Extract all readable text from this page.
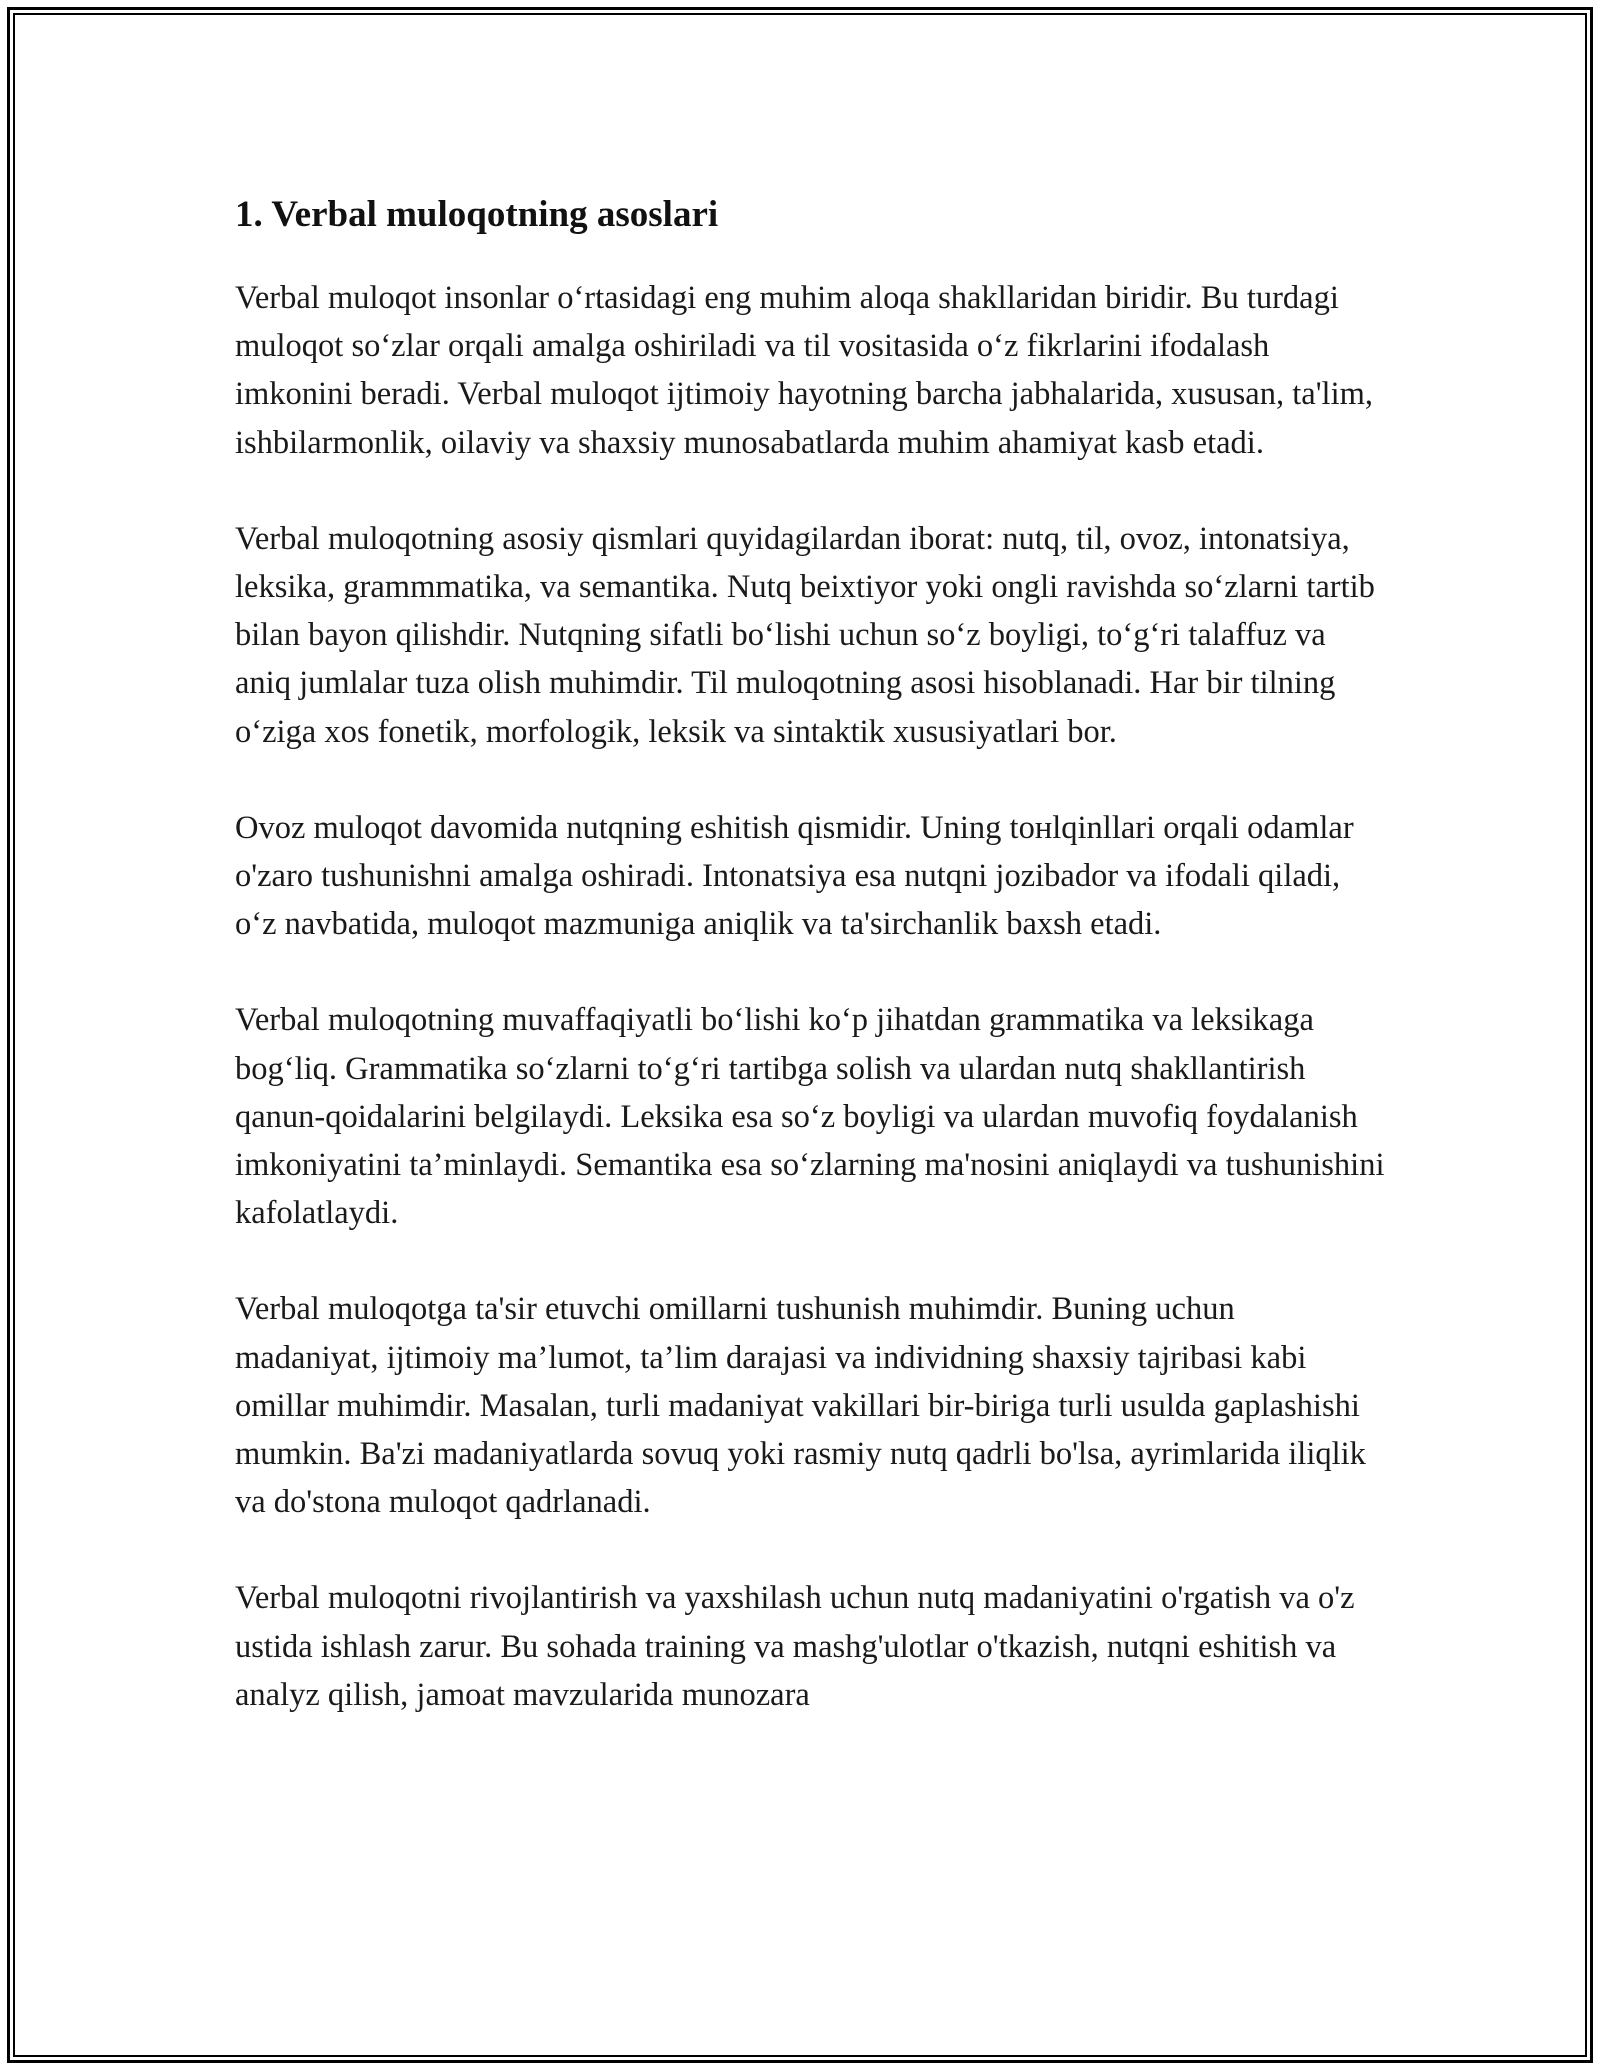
1. Verbal muloqotning asoslari

Verbal muloqot insonlar o‘rtasidagi eng muhim aloqa shakllaridan biridir. Bu turdagi muloqot so‘zlar orqali amalga oshiriladi va til vositasida o‘z fikrlarini ifodalash imkonini beradi. Verbal muloqot ijtimoiy hayotning barcha jabhalarida, xususan, ta'lim, ishbilarmonlik, oilaviy va shaxsiy munosabatlarda muhim ahamiyat kasb etadi.

Verbal muloqotning asosiy qismlari quyidagilardan iborat: nutq, til, ovoz, intonatsiya, leksika, grammmatika, va semantika. Nutq beixtiyor yoki ongli ravishda so‘zlarni tartib bilan bayon qilishdir. Nutqning sifatli bo‘lishi uchun so‘z boyligi, to‘g‘ri talaffuz va aniq jumlalar tuza olish muhimdir. Til muloqotning asosi hisoblanadi. Har bir tilning o‘ziga xos fonetik, morfologik, leksik va sintaktik xususiyatlari bor.

Ovoz muloqot davomida nutqning eshitish qismidir. Uning toнlqinllari orqali odamlar o'zaro tushunishni amalga oshiradi. Intonatsiya esa nutqni jozibador va ifodali qiladi, o‘z navbatida, muloqot mazmuniga aniqlik va ta'sirchanlik baxsh etadi.

Verbal muloqotning muvaffaqiyatli bo‘lishi ko‘p jihatdan grammatika va leksikaga bog‘liq. Grammatika so‘zlarni to‘g‘ri tartibga solish va ulardan nutq shakllantirish qanun-qoidalarini belgilaydi. Leksika esa so‘z boyligi va ulardan muvofiq foydalanish imkoniyatini ta’minlaydi. Semantika esa so‘zlarning ma'nosini aniqlaydi va tushunishini kafolatlaydi.

Verbal muloqotga ta'sir etuvchi omillarni tushunish muhimdir. Buning uchun madaniyat, ijtimoiy ma’lumot, ta’lim darajasi va individning shaxsiy tajribasi kabi omillar muhimdir. Masalan, turli madaniyat vakillari bir-biriga turli usulda gaplashishi mumkin. Ba'zi madaniyatlarda sovuq yoki rasmiy nutq qadrli bo'lsa, ayrimlarida iliqlik va do'stona muloqot qadrlanadi.

Verbal muloqotni rivojlantirish va yaxshilash uchun nutq madaniyatini o'rgatish va o'z ustida ishlash zarur. Bu sohada training va mashg'ulotlar o'tkazish, nutqni eshitish va analyz qilish, jamoat mavzularida munozara
